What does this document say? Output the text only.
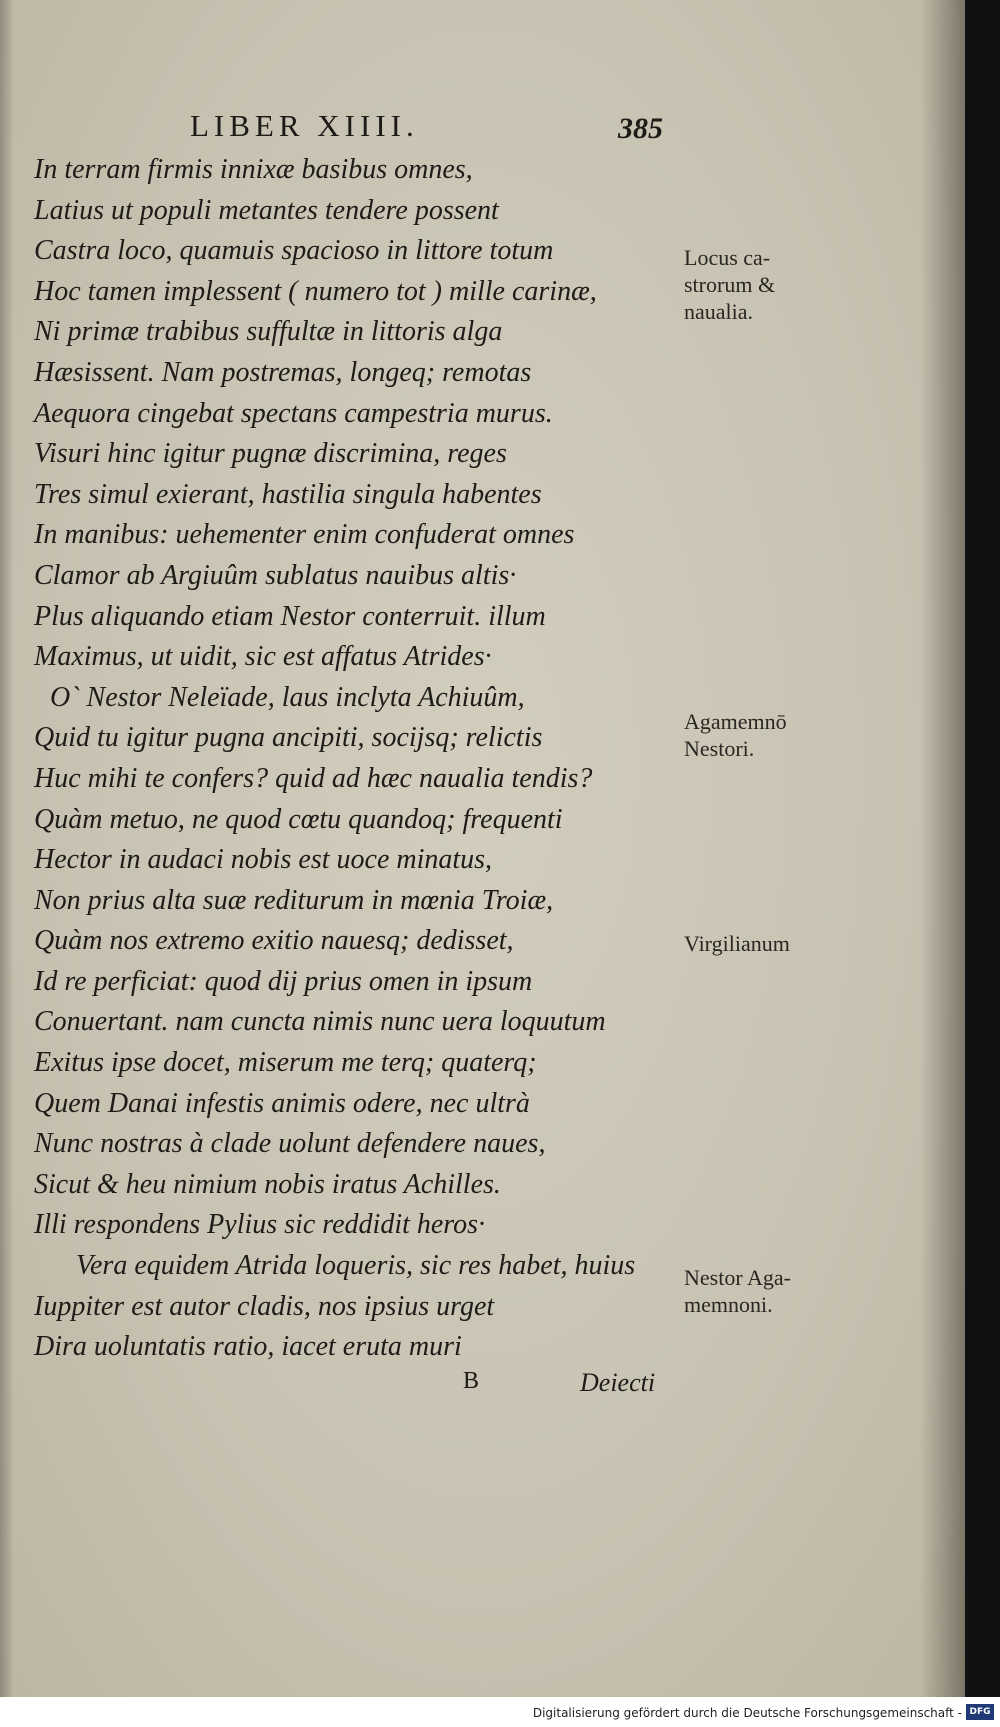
LIBER XIIII.	385
In terram firmis innixæ basibus omnes,
Latius ut populi metantes tendere possent
Castra loco, quamuis spacioso in littore totum
Hoc tamen implessent ( numero tot ) mille carinæ,
Ni primæ trabibus suffultæ in littoris alga
Hæsissent. Nam postremas, longeq; remotas
Aequora cingebat spectans campestria murus.
Visuri hinc igitur pugnæ discrimina, reges
Tres simul exierant, hastilia singula habentes
In manibus: uehementer enim confuderat omnes
Clamor ab Argiuûm sublatus nauibus altis·
Plus aliquando etiam Nestor conterruit. illum
Maximus, ut uidit, sic est affatus Atrides·
O` Nestor Neleïade, laus inclyta Achiuûm,
Quid tu igitur pugna ancipiti, socijsq; relictis
Huc mihi te confers? quid ad hæc naualia tendis?
Quàm metuo, ne quod cœtu quandoq; frequenti
Hector in audaci nobis est uoce minatus,
Non prius alta suæ rediturum in mœnia Troiæ,
Quàm nos extremo exitio nauesq; dedisset,
Id re perficiat: quod dij prius omen in ipsum
Conuertant. nam cuncta nimis nunc uera loquutum
Exitus ipse docet, miserum me terq; quaterq;
Quem Danai infestis animis odere, nec ultrà
Nunc nostras à clade uolunt defendere naues,
Sicut & heu nimium nobis iratus Achilles.
Illi respondens Pylius sic reddidit heros·
Vera equidem Atrida loqueris, sic res habet, huius
Iuppiter est autor cladis, nos ipsius urget
Dira uoluntatis ratio, iacet eruta muri
Locus ca- strorum & naualia.
Agamemnō Nestori.
Virgilianum
Nestor Aga- memnoni.
B	Deiecti
Digitalisierung gefördert durch die Deutsche Forschungsgemeinschaft - DFG
